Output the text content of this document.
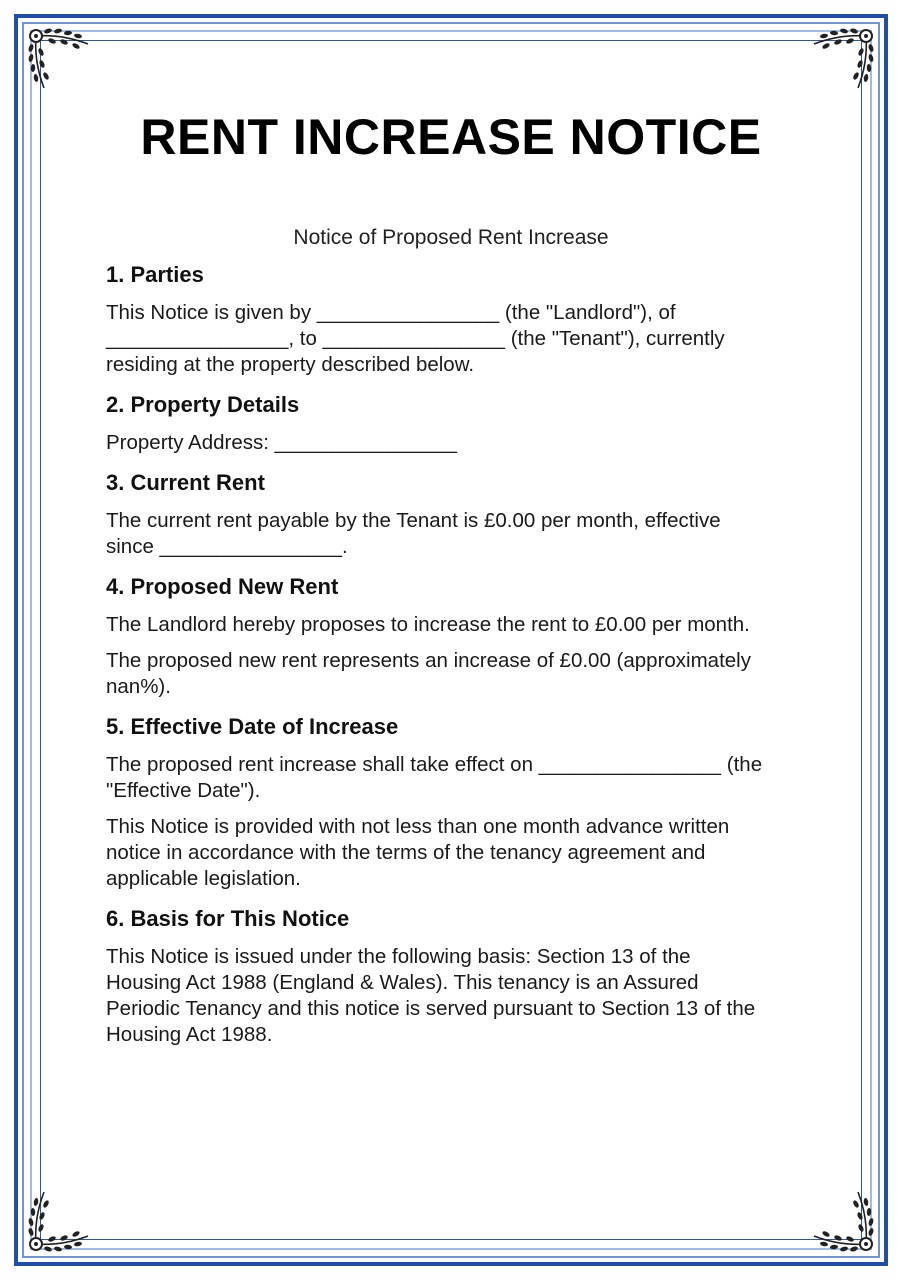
RENT INCREASE NOTICE
Notice of Proposed Rent Increase
1. Parties

This Notice is given by ________________ (the "Landlord"), of ________________, to ________________ (the "Tenant"), currently residing at the property described below.

2. Property Details

Property Address: ________________

3. Current Rent

The current rent payable by the Tenant is £0.00 per month, effective since ________________.

4. Proposed New Rent

The Landlord hereby proposes to increase the rent to £0.00 per month.

The proposed new rent represents an increase of £0.00 (approximately nan%).

5. Effective Date of Increase

The proposed rent increase shall take effect on ________________ (the "Effective Date").

This Notice is provided with not less than one month advance written notice in accordance with the terms of the tenancy agreement and applicable legislation.

6. Basis for This Notice

This Notice is issued under the following basis: Section 13 of the Housing Act 1988 (England & Wales). This tenancy is an Assured Periodic Tenancy and this notice is served pursuant to Section 13 of the Housing Act 1988.
